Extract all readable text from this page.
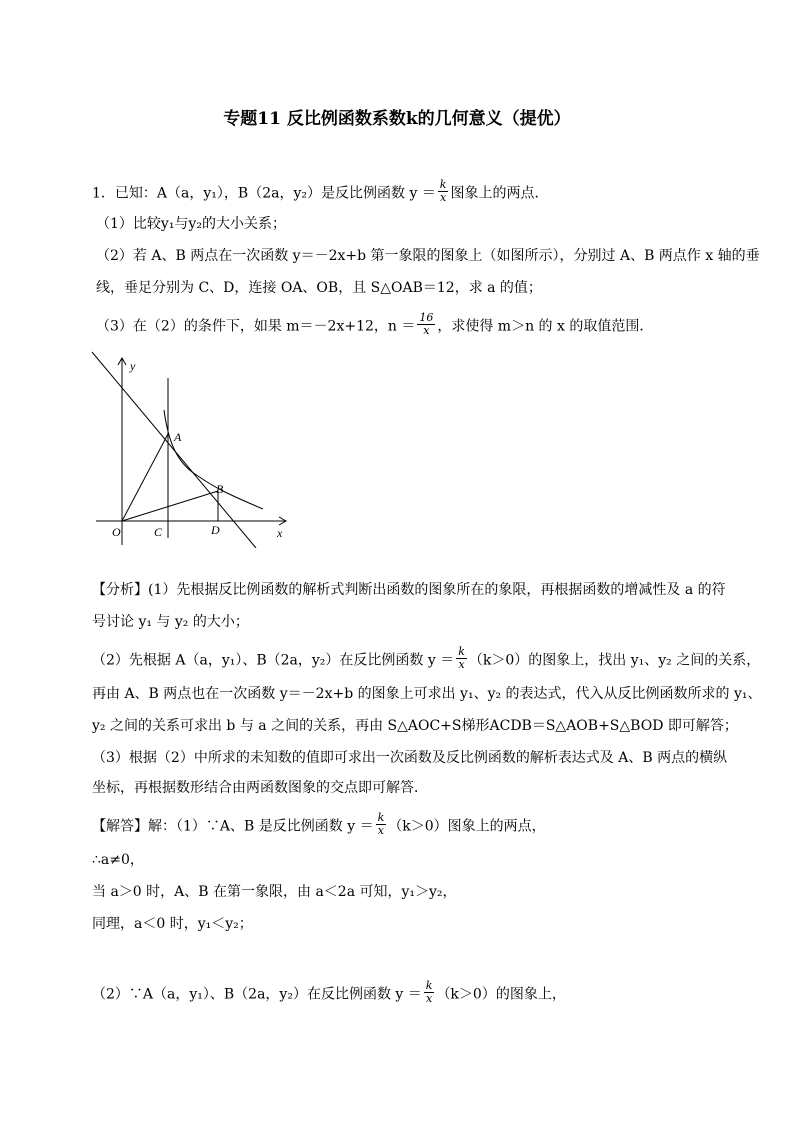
专题11 反比例函数系数k的几何意义（提优）
1．已知：A（a，y₁），B（2a，y₂）是反比例函数 $y = \frac{k}{x}$ 图象上的两点．
（1）比较y₁与y₂的大小关系；
（2）若 A、B 两点在一次函数 y＝－2x+b 第一象限的图象上（如图所示），分别过 A、B 两点作 x 轴的垂
线，垂足分别为 C、D，连接 OA、OB，且 S△OAB＝12，求 a 的值；
（3）在（2）的条件下，如果 m＝－2x+12，$n = \frac{16}{x}$ ，求使得 m＞n 的 x 的取值范围．
y
x
O	C	D
A
B
【分析】(1）先根据反比例函数的解析式判断出函数的图象所在的象限，再根据函数的增减性及 a 的符
号讨论 y₁ 与 y₂ 的大小；
（2）先根据 A（a，y₁）、B（2a，y₂）在反比例函数 $y = \frac{k}{x} (k>0)$的图象上，找出 y₁、y₂ 之间的关系，
再由 A、B 两点也在一次函数 y＝－2x+b 的图象上可求出 y₁、y₂ 的表达式，代入从反比例函数所求的 y₁、
y₂ 之间的关系可求出 b 与 a 之间的关系，再由 S△AOC+S梯形ACDB＝S△AOB+S△BOD 即可解答；
（3）根据（2）中所求的未知数的值即可求出一次函数及反比例函数的解析表达式及 A、B 两点的横纵
坐标，再根据数形结合由两函数图象的交点即可解答．
【解答】解：（1）∵A、B 是反比例函数 $y = \frac{k}{x} (k>0)$图象上的两点，
∴a≠0，
当 a＞0 时，A、B 在第一象限，由 a＜2a 可知，y₁＞y₂，
同理，a＜0 时，y₁＜y₂；
（2）∵A（a，y₁）、B（2a，y₂）在反比例函数 $y = \frac{k}{x} (k>0)$的图象上，
